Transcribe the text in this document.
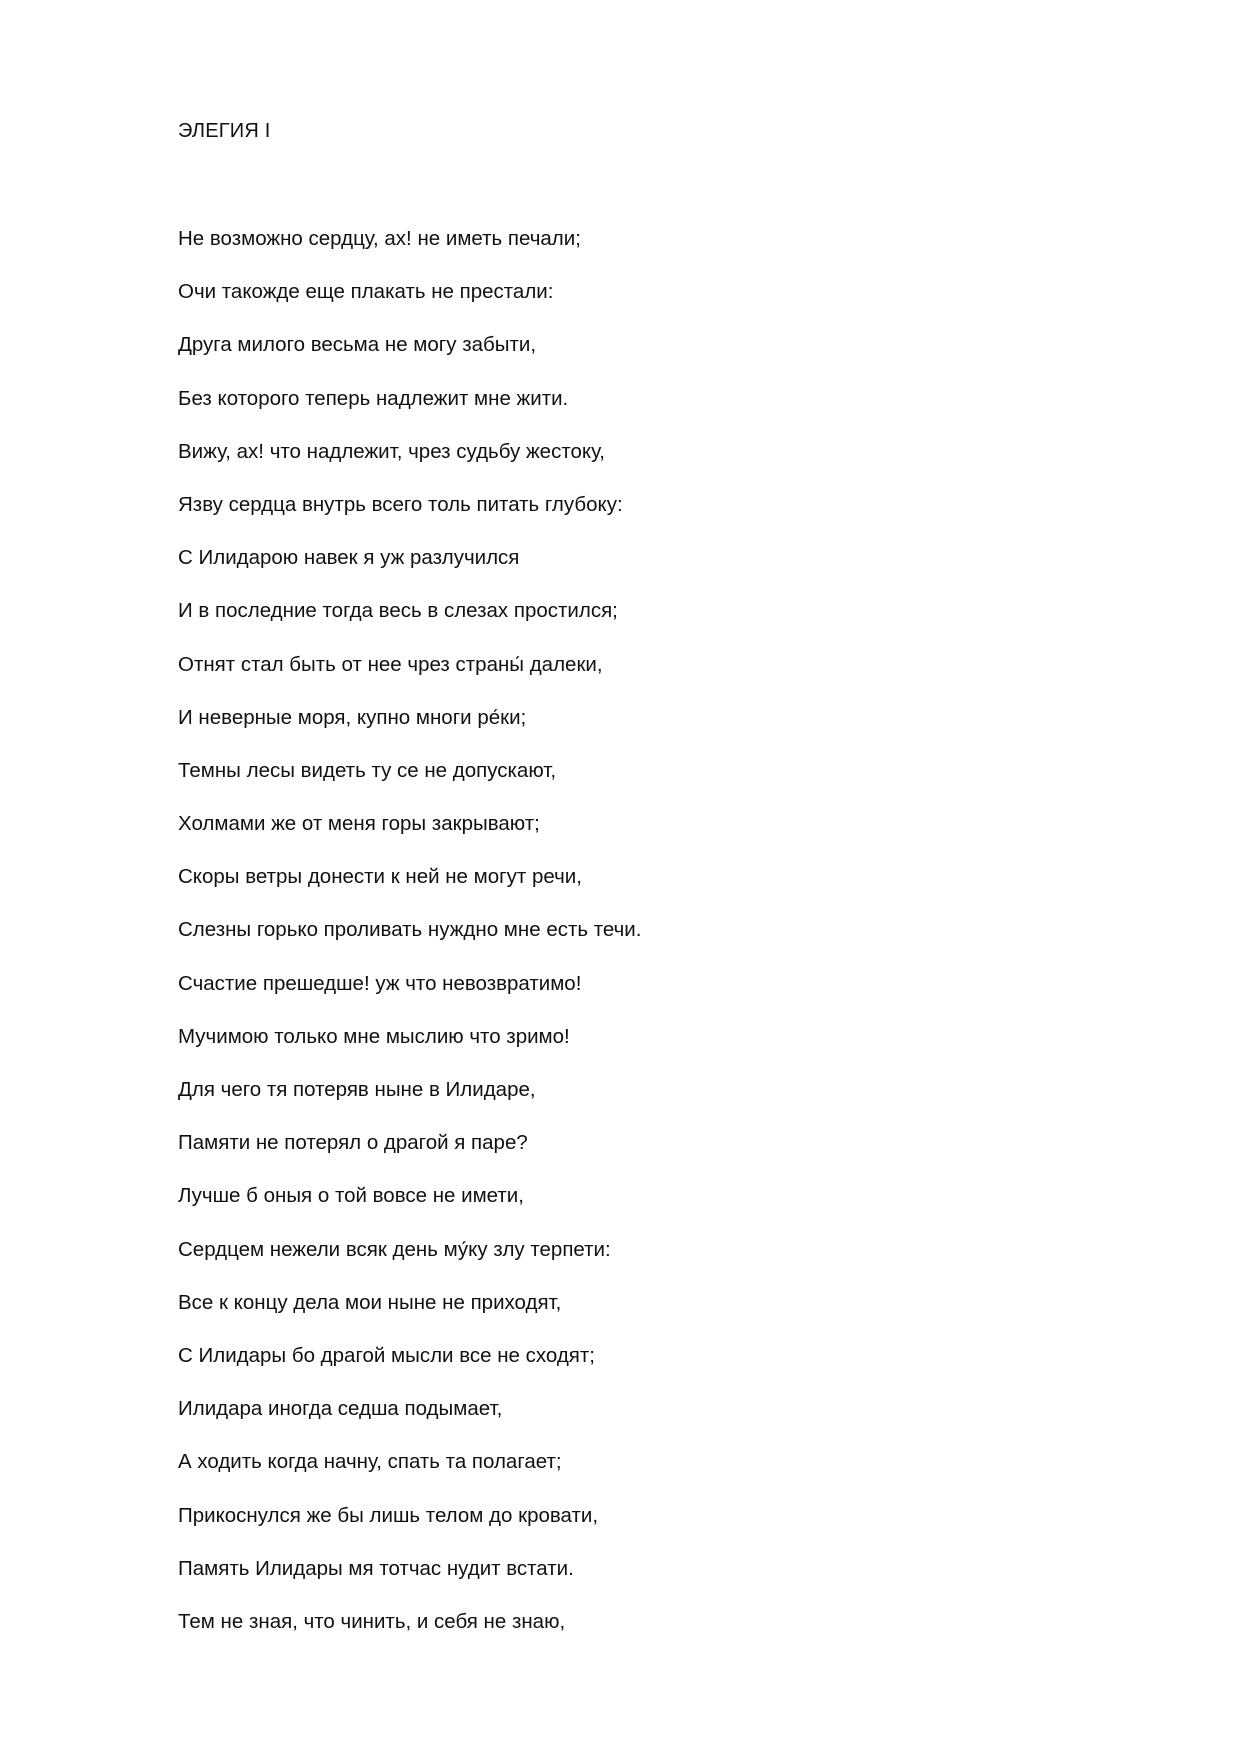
ЭЛЕГИЯ I
Не возможно сердцу, ах! не иметь печали;
Очи такожде еще плакать не престали:
Друга милого весьма не могу забыти,
Без которого теперь надлежит мне жити.
Вижу, ах! что надлежит, чрез судьбу жестоку,
Язву сердца внутрь всего толь питать глубоку:
С Илидарою навек я уж разлучился
И в последние тогда весь в слезах простился;
Отнят стал быть от нее чрез страны́ далеки,
И неверные моря, купно многи ре́ки;
Темны лесы видеть ту се не допускают,
Холмами же от меня горы закрывают;
Скоры ветры донести к ней не могут речи,
Слезны горько проливать нуждно мне есть течи.
Счастие прешедше! уж что невозвратимо!
Мучимою только мне мыслию что зримо!
Для чего тя потеряв ныне в Илидаре,
Памяти не потерял о драгой я паре?
Лучше б оныя о той вовсе не имети,
Сердцем нежели всяк день му́ку злу терпети:
Все к концу дела мои ныне не приходят,
С Илидары бо драгой мысли все не сходят;
Илидара иногда седша подымает,
А ходить когда начну, спать та полагает;
Прикоснулся же бы лишь телом до кровати,
Память Илидары мя тотчас нудит встати.
Тем не зная, что чинить, и себя не знаю,
